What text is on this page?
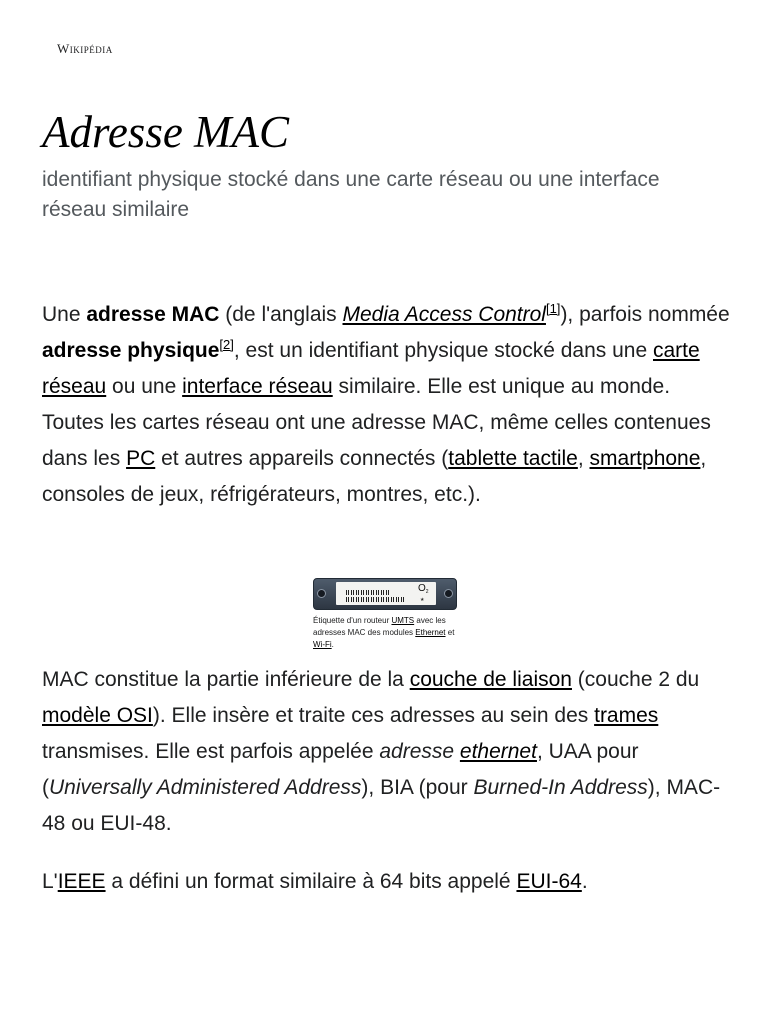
Wikipédia
Adresse MAC
identifiant physique stocké dans une carte réseau ou une interface réseau similaire

Une adresse MAC (de l'anglais Media Access Control[1]), parfois nommée adresse physique[2], est un identifiant physique stocké dans une carte réseau ou une interface réseau similaire. Elle est unique au monde. Toutes les cartes réseau ont une adresse MAC, même celles contenues dans les PC et autres appareils connectés (tablette tactile, smartphone, consoles de jeux, réfrigérateurs, montres, etc.).

$O_2$
★
Étiquette d'un routeur UMTS avec les adresses MAC des modules Ethernet et Wi-Fi.

MAC constitue la partie inférieure de la couche de liaison (couche 2 du modèle OSI). Elle insère et traite ces adresses au sein des trames transmises. Elle est parfois appelée adresse ethernet, UAA pour (Universally Administered Address), BIA (pour Burned-In Address), MAC-48 ou EUI-48.

L'IEEE a défini un format similaire à 64 bits appelé EUI-64.
